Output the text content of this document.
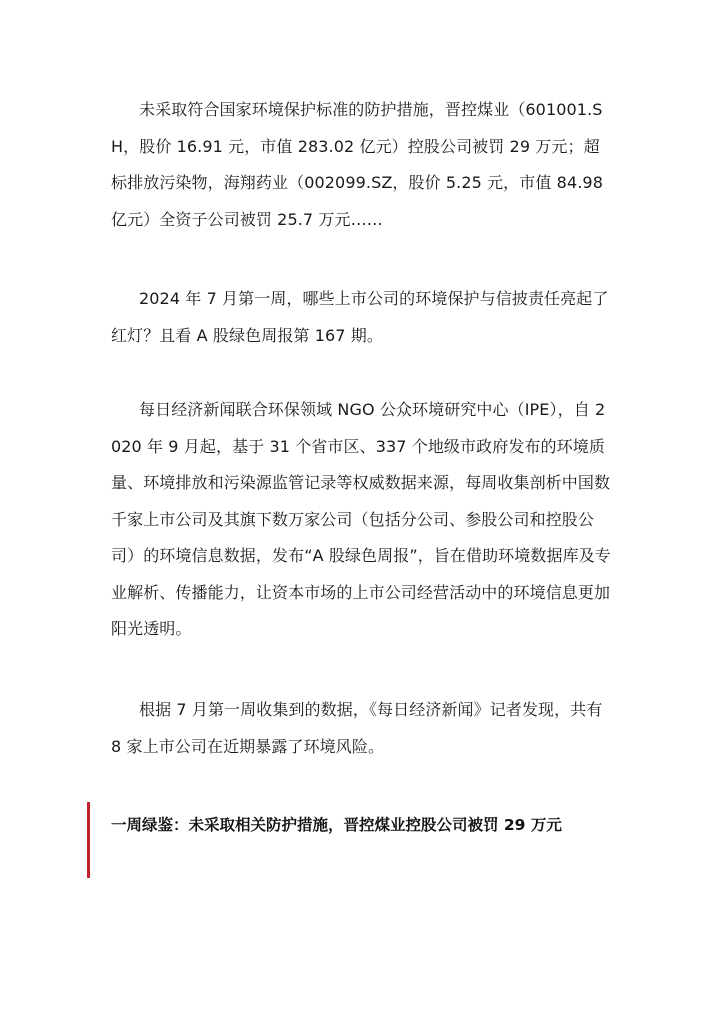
未采取符合国家环境保护标准的防护措施，晋控煤业（601001.SH，股价 16.91 元，市值 283.02 亿元）控股公司被罚 29 万元；超标排放污染物，海翔药业（002099.SZ，股价 5.25 元，市值 84.98 亿元）全资子公司被罚 25.7 万元……

2024 年 7 月第一周，哪些上市公司的环境保护与信披责任亮起了红灯？且看 A 股绿色周报第 167 期。

每日经济新闻联合环保领域 NGO 公众环境研究中心（IPE），自 2020 年 9 月起，基于 31 个省市区、337 个地级市政府发布的环境质量、环境排放和污染源监管记录等权威数据来源，每周收集剖析中国数千家上市公司及其旗下数万家公司（包括分公司、参股公司和控股公司）的环境信息数据，发布“A 股绿色周报”，旨在借助环境数据库及专业解析、传播能力，让资本市场的上市公司经营活动中的环境信息更加阳光透明。

根据 7 月第一周收集到的数据，《每日经济新闻》记者发现，共有 8 家上市公司在近期暴露了环境风险。

一周绿鉴：未采取相关防护措施，晋控煤业控股公司被罚 29 万元
